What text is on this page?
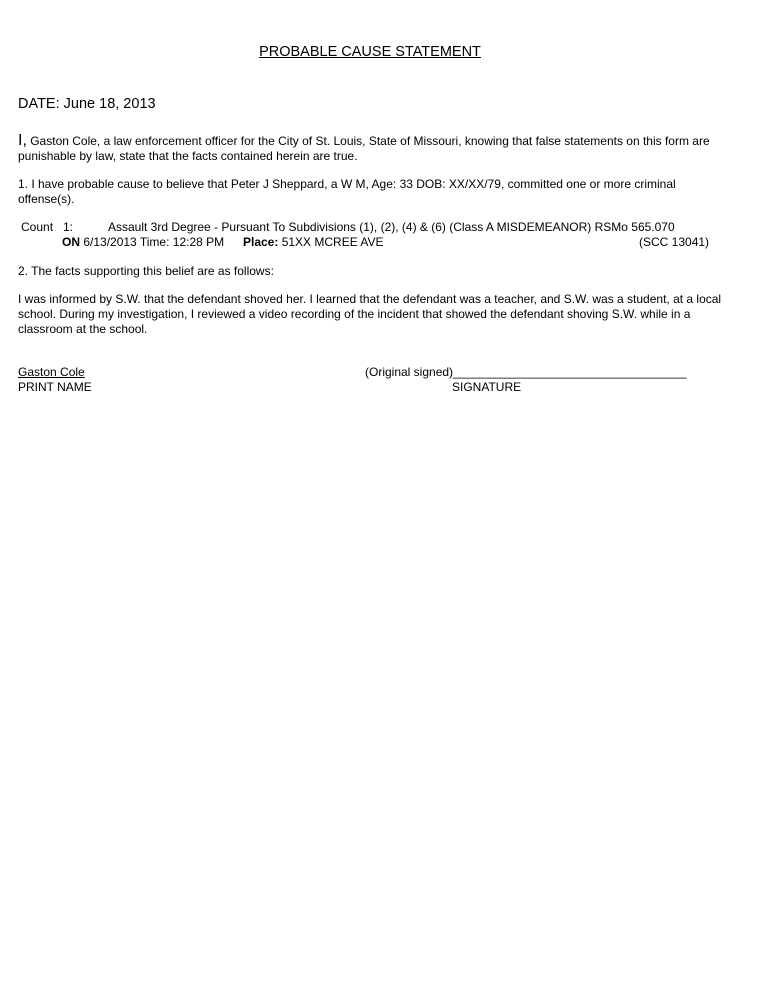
PROBABLE CAUSE STATEMENT
DATE: June 18, 2013
I, Gaston Cole, a law enforcement officer for the City of St. Louis, State of Missouri, knowing that false statements on this form are punishable by law, state that the facts contained herein are true.
1. I have probable cause to believe that Peter J Sheppard, a W M, Age: 33 DOB: XX/XX/79, committed one or more criminal offense(s).
Count 1:	Assault 3rd Degree - Pursuant To Subdivisions (1), (2), (4) & (6) (Class A MISDEMEANOR) RSMo 565.070
ON 6/13/2013 Time: 12:28 PM Place: 51XX MCREE AVE	(SCC 13041)
2. The facts supporting this belief are as follows:
I was informed by S.W. that the defendant shoved her. I learned that the defendant was a teacher, and S.W. was a student, at a local school. During my investigation, I reviewed a video recording of the incident that showed the defendant shoving S.W. while in a classroom at the school.
Gaston Cole
PRINT NAME
(Original signed)___________________________________
SIGNATURE
